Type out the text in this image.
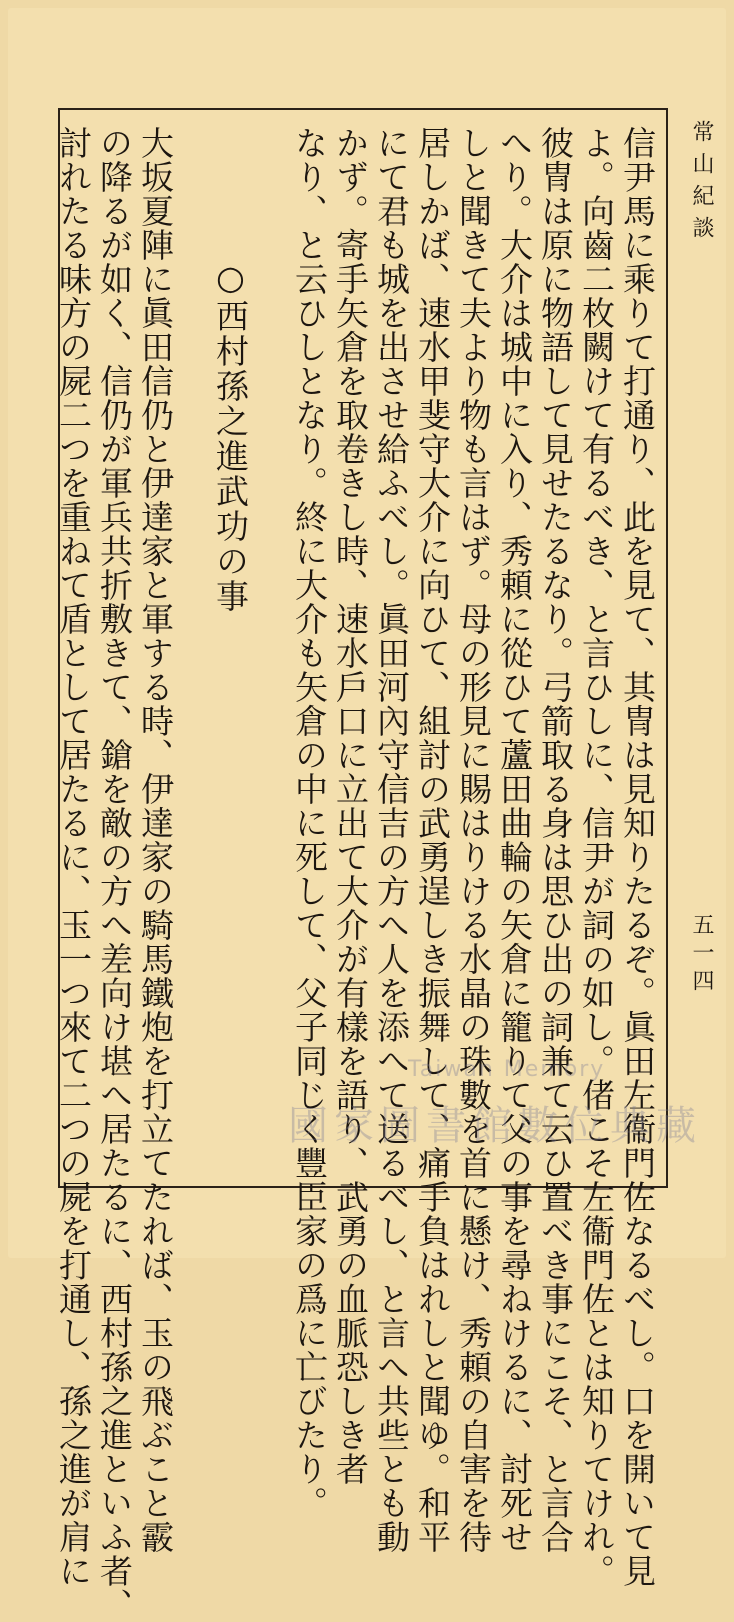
常山紀談
五一四
信尹馬に乘りて打通り、此を見て、其冑は見知りたるぞ。眞田左衞門佐なるべし。口を開いて見
よ。向齒二枚闕けて有るべき、と言ひしに、信尹が詞の如し。偖こそ左衞門佐とは知りてけれ。
彼冑は原に物語して見せたるなり。弓箭取る身は思ひ出の詞兼て云ひ置べき事にこそ、と言合
へり。大介は城中に入り、秀頼に從ひて蘆田曲輪の矢倉に籠りて父の事を尋ねけるに、討死せ
しと聞きて夫より物も言はず。母の形見に賜はりける水晶の珠數を首に懸け、秀頼の自害を待
居しかば、速水甲斐守大介に向ひて、組討の武勇逞しき振舞して、痛手負はれしと聞ゆ。和平
にて君も城を出させ給ふべし。眞田河內守信吉の方へ人を添へて送るべし、と言へ共些とも動
かず。寄手矢倉を取卷きし時、速水戶口に立出て大介が有樣を語り、武勇の血脈恐しき者
なり、と云ひしとなり。終に大介も矢倉の中に死して、父子同じく豐臣家の爲に亡びたり。
○西村孫之進武功の事
大坂夏陣に眞田信仍と伊達家と軍する時、伊達家の騎馬鐵炮を打立てたれば、玉の飛ぶこと霰
の降るが如く、信仍が軍兵共折敷きて、鎗を敵の方へ差向け堪へ居たるに、西村孫之進といふ者、
討れたる味方の屍二つを重ねて盾として居たるに、玉一つ來て二つの屍を打通し、孫之進が肩に	Taiwan Memory
國家圖書館數位典藏
